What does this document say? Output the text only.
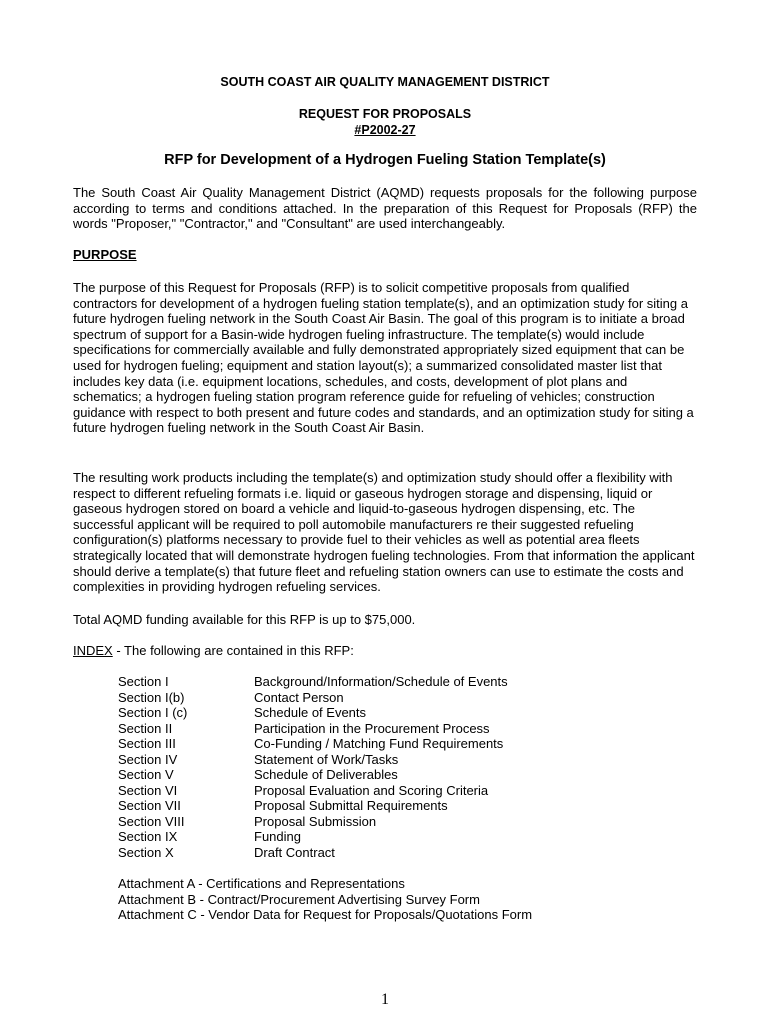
SOUTH COAST AIR QUALITY MANAGEMENT DISTRICT
REQUEST FOR PROPOSALS
#P2002-27
RFP for Development of a Hydrogen Fueling Station Template(s)
The South Coast Air Quality Management District (AQMD) requests proposals for the following purpose according to terms and conditions attached. In the preparation of this Request for Proposals (RFP) the words "Proposer," "Contractor," and "Consultant" are used interchangeably.
PURPOSE
The purpose of this Request for Proposals (RFP) is to solicit competitive proposals from qualified contractors for development of a hydrogen fueling station template(s), and an optimization study for siting a future hydrogen fueling network in the South Coast Air Basin. The goal of this program is to initiate a broad spectrum of support for a Basin-wide hydrogen fueling infrastructure. The template(s) would include specifications for commercially available and fully demonstrated appropriately sized equipment that can be used for hydrogen fueling; equipment and station layout(s); a summarized consolidated master list that includes key data (i.e. equipment locations, schedules, and costs, development of plot plans and schematics; a hydrogen fueling station program reference guide for refueling of vehicles; construction guidance with respect to both present and future codes and standards, and an optimization study for siting a future hydrogen fueling network in the South Coast Air Basin.
The resulting work products including the template(s) and optimization study should offer a flexibility with respect to different refueling formats i.e. liquid or gaseous hydrogen storage and dispensing, liquid or gaseous hydrogen stored on board a vehicle and liquid-to-gaseous hydrogen dispensing, etc. The successful applicant will be required to poll automobile manufacturers re their suggested refueling configuration(s) platforms necessary to provide fuel to their vehicles as well as potential area fleets strategically located that will demonstrate hydrogen fueling technologies. From that information the applicant should derive a template(s) that future fleet and refueling station owners can use to estimate the costs and complexities in providing hydrogen refueling services.
Total AQMD funding available for this RFP is up to $75,000.
INDEX - The following are contained in this RFP:
Section I	Background/Information/Schedule of Events
Section I(b)	Contact Person
Section I (c)	Schedule of Events
Section II	Participation in the Procurement Process
Section III	Co-Funding / Matching Fund Requirements
Section IV	Statement of Work/Tasks
Section V	Schedule of Deliverables
Section VI	Proposal Evaluation and Scoring Criteria
Section VII	Proposal Submittal Requirements
Section VIII	Proposal Submission
Section IX	Funding
Section X	Draft Contract
Attachment A - Certifications and Representations
Attachment B - Contract/Procurement Advertising Survey Form
Attachment C - Vendor Data for Request for Proposals/Quotations Form
1
